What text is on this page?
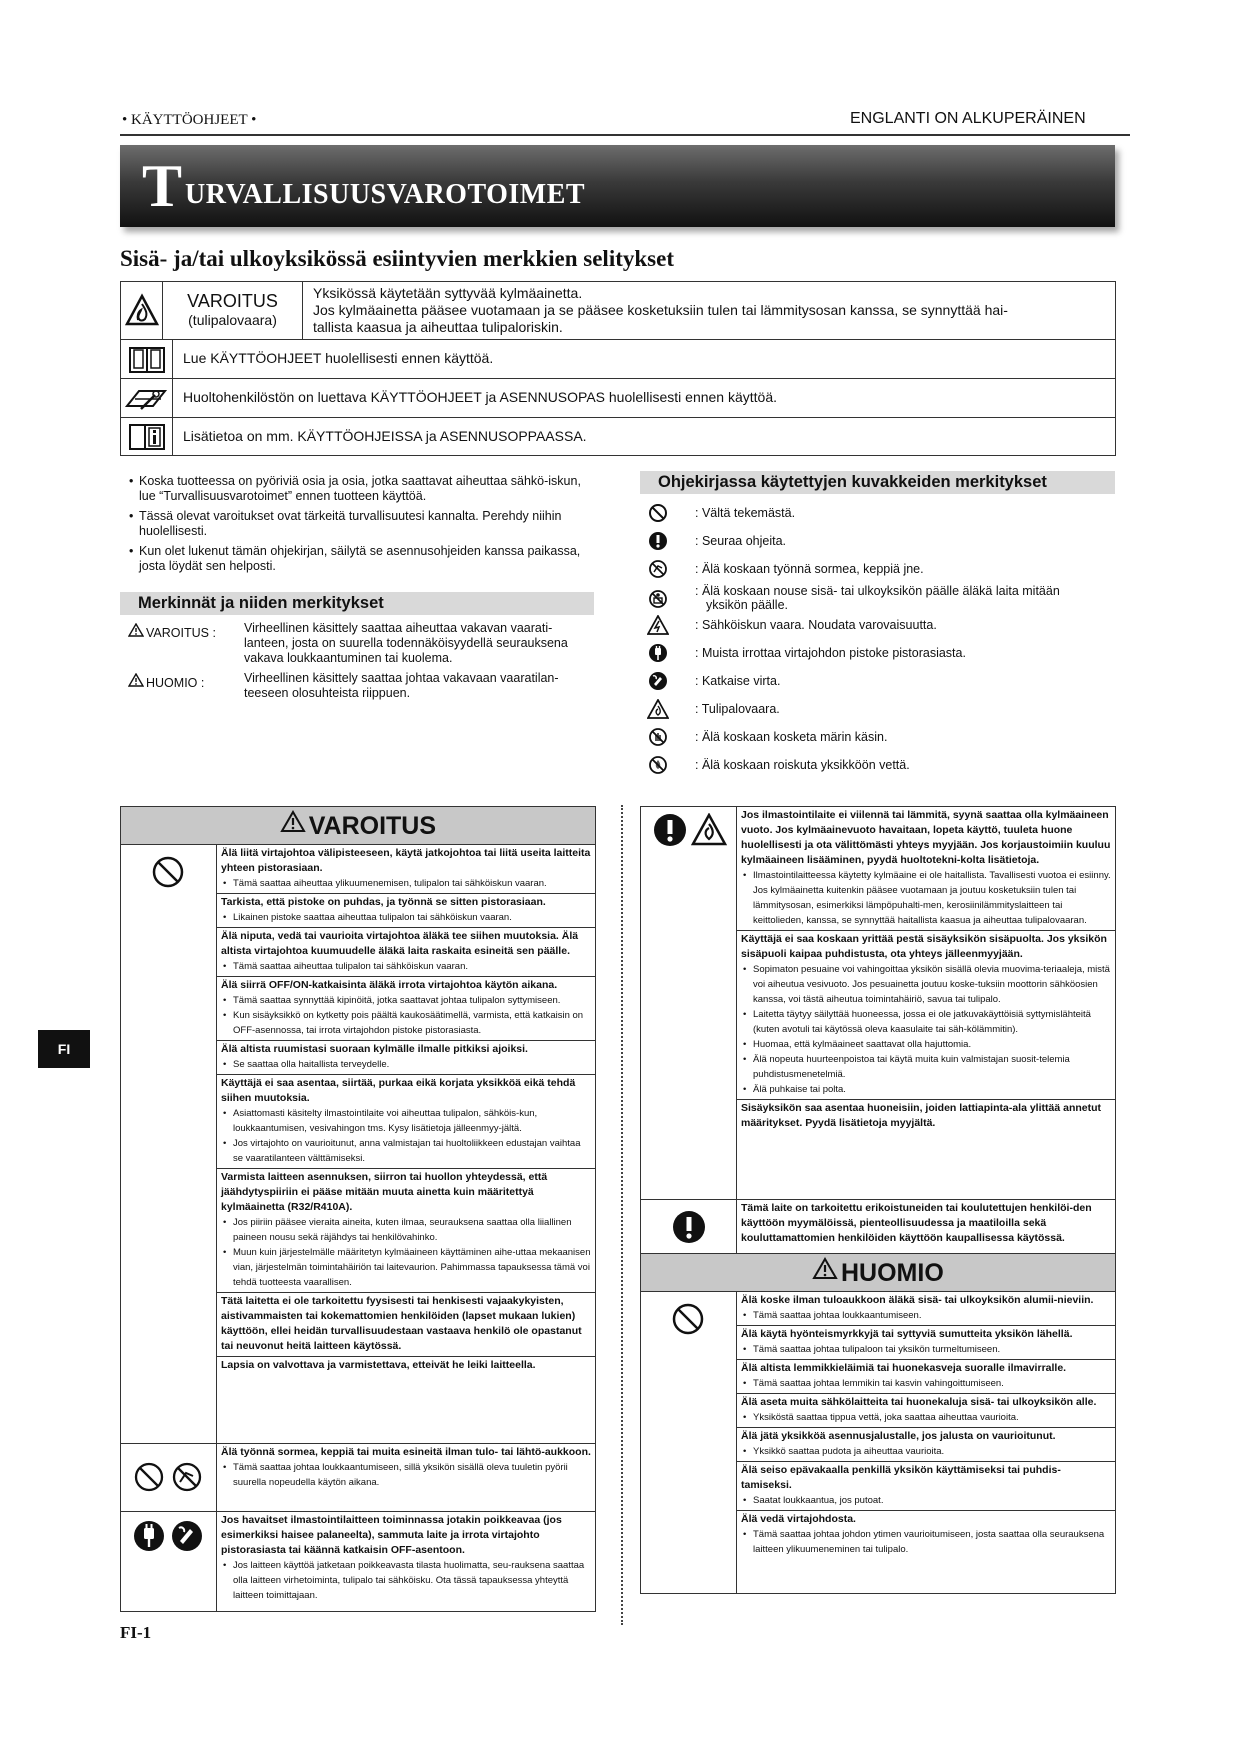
• KÄYTTÖOHJEET •	ENGLANTI ON ALKUPERÄINEN
T URVALLISUUSVAROTOIMET
Sisä- ja/tai ulkoyksikössä esiintyvien merkkien selitykset
VAROITUS
(tulipalovaara)
Yksikössä käytetään syttyvää kylmäainetta.
Jos kylmäainetta pääsee vuotamaan ja se pääsee kosketuksiin tulen tai lämmitysosan kanssa, se synnyttää hai-
tallista kaasua ja aiheuttaa tulipaloriskin.
Lue KÄYTTÖOHJEET huolellisesti ennen käyttöä.
Huoltohenkilöstön on luettava KÄYTTÖOHJEET ja ASENNUSOPAS huolellisesti ennen käyttöä.
Lisätietoa on mm. KÄYTTÖOHJEISSA ja ASENNUSOPPAASSA.
• Koska tuotteessa on pyöriviä osia ja osia, jotka saattavat aiheuttaa sähkö-iskun, lue “Turvallisuusvarotoimet” ennen tuotteen käyttöä.
• Tässä olevat varoitukset ovat tärkeitä turvallisuutesi kannalta. Perehdy niihin huolellisesti.
• Kun olet lukenut tämän ohjekirjan, säilytä se asennusohjeiden kanssa paikassa, josta löydät sen helposti.
Merkinnät ja niiden merkitykset
VAROITUS : Virheellinen käsittely saattaa aiheuttaa vakavan vaarati-lanteen, josta on suurella todennäköisyydellä seurauksena vakava loukkaantuminen tai kuolema.
HUOMIO :	Virheellinen käsittely saattaa johtaa vakavaan vaaratilan-teeseen olosuhteista riippuen.
Ohjekirjassa käytettyjen kuvakkeiden merkitykset
: Vältä tekemästä.
: Seuraa ohjeita.
: Älä koskaan työnnä sormea, keppiä jne.
: Älä koskaan nouse sisä- tai ulkoyksikön päälle äläkä laita mitään
yksikön päälle.
: Sähköiskun vaara. Noudata varovaisuutta.
: Muista irrottaa virtajohdon pistoke pistorasiasta.
: Katkaise virta.
: Tulipalovaara.
: Älä koskaan kosketa märin käsin.
: Älä koskaan roiskuta yksikköön vettä.
FI
VAROITUS
Älä liitä virtajohtoa välipisteeseen, käytä jatkojohtoa tai liitä useita laitteita yhteen pistorasiaan.
• Tämä saattaa aiheuttaa ylikuumenemisen, tulipalon tai sähköiskun vaaran.
Tarkista, että pistoke on puhdas, ja työnnä se sitten pistorasiaan.
• Likainen pistoke saattaa aiheuttaa tulipalon tai sähköiskun vaaran.
Älä niputa, vedä tai vaurioita virtajohtoa äläkä tee siihen muutoksia. Älä altista virtajohtoa kuumuudelle äläkä laita raskaita esineitä sen päälle.
• Tämä saattaa aiheuttaa tulipalon tai sähköiskun vaaran.
Älä siirrä OFF/ON-katkaisinta äläkä irrota virtajohtoa käytön aikana.
• Tämä saattaa synnyttää kipinöitä, jotka saattavat johtaa tulipalon syttymiseen.
• Kun sisäyksikkö on kytketty pois päältä kaukosäätimellä, varmista, että katkaisin on OFF-asennossa, tai irrota virtajohdon pistoke pistorasiasta.
Älä altista ruumistasi suoraan kylmälle ilmalle pitkiksi ajoiksi.
• Se saattaa olla haitallista terveydelle.
Käyttäjä ei saa asentaa, siirtää, purkaa eikä korjata yksikköä eikä tehdä siihen muutoksia.
• Asiattomasti käsitelty ilmastointilaite voi aiheuttaa tulipalon, sähköis-kun, loukkaantumisen, vesivahingon tms. Kysy lisätietoja jälleenmyy-jältä.
• Jos virtajohto on vaurioitunut, anna valmistajan tai huoltoliikkeen edustajan vaihtaa se vaaratilanteen välttämiseksi.
Varmista laitteen asennuksen, siirron tai huollon yhteydessä, että jäähdytyspiiriin ei pääse mitään muuta ainetta kuin määritettyä kylmäainetta (R32/R410A).
• Jos piiriin pääsee vieraita aineita, kuten ilmaa, seurauksena saattaa olla liiallinen paineen nousu sekä räjähdys tai henkilövahinko.
• Muun kuin järjestelmälle määritetyn kylmäaineen käyttäminen aihe-uttaa mekaanisen vian, järjestelmän toimintahäiriön tai laitevaurion. Pahimmassa tapauksessa tämä voi tehdä tuotteesta vaarallisen.
Tätä laitetta ei ole tarkoitettu fyysisesti tai henkisesti vajaakykyisten, aistivammaisten tai kokemattomien henkilöiden (lapset mukaan lukien) käyttöön, ellei heidän turvallisuudestaan vastaava henkilö ole opastanut tai neuvonut heitä laitteen käytössä.
Lapsia on valvottava ja varmistettava, etteivät he leiki laitteella.
Älä työnnä sormea, keppiä tai muita esineitä ilman tulo- tai lähtö-aukkoon.
• Tämä saattaa johtaa loukkaantumiseen, sillä yksikön sisällä oleva tuuletin pyörii suurella nopeudella käytön aikana.
Jos havaitset ilmastointilaitteen toiminnassa jotakin poikkeavaa (jos esimerkiksi haisee palaneelta), sammuta laite ja irrota virtajohto pistorasiasta tai käännä katkaisin OFF-asentoon.
• Jos laitteen käyttöä jatketaan poikkeavasta tilasta huolimatta, seu-rauksena saattaa olla laitteen virhetoiminta, tulipalo tai sähköisku. Ota tässä tapauksessa yhteyttä laitteen toimittajaan.
Jos ilmastointilaite ei viilennä tai lämmitä, syynä saattaa olla kylmäaineen vuoto. Jos kylmäainevuoto havaitaan, lopeta käyttö, tuuleta huone huolellisesti ja ota välittömästi yhteys myyjään. Jos korjaustoimiin kuuluu kylmäaineen lisääminen, pyydä huoltotekni-kolta lisätietoja.
• Ilmastointilaitteessa käytetty kylmäaine ei ole haitallista. Tavallisesti vuotoa ei esiinny. Jos kylmäainetta kuitenkin pääsee vuotamaan ja joutuu kosketuksiin tulen tai lämmitysosan, esimerkiksi lämpöpuhalti-men, kerosiinilämmityslaitteen tai keittolieden, kanssa, se synnyttää haitallista kaasua ja aiheuttaa tulipalovaaran.
Käyttäjä ei saa koskaan yrittää pestä sisäyksikön sisäpuolta. Jos yksikön sisäpuoli kaipaa puhdistusta, ota yhteys jälleenmyyjään.
• Sopimaton pesuaine voi vahingoittaa yksikön sisällä olevia muovima-teriaaleja, mistä voi aiheutua vesivuoto. Jos pesuainetta joutuu koske-tuksiin moottorin sähköosien kanssa, voi tästä aiheutua toimintahäiriö, savua tai tulipalo.
• Laitetta täytyy säilyttää huoneessa, jossa ei ole jatkuvakäyttöisiä syttymislähteitä (kuten avotuli tai käytössä oleva kaasulaite tai säh-kölämmitin).
• Huomaa, että kylmäaineet saattavat olla hajuttomia.
• Älä nopeuta huurteenpoistoa tai käytä muita kuin valmistajan suosit-telemia puhdistusmenetelmiä.
• Älä puhkaise tai polta.
Sisäyksikön saa asentaa huoneisiin, joiden lattiapinta-ala ylittää annetut määritykset. Pyydä lisätietoja myyjältä.
Tämä laite on tarkoitettu erikoistuneiden tai koulutettujen henkilöi-den käyttöön myymälöissä, pienteollisuudessa ja maatiloilla sekä kouluttamattomien henkilöiden käyttöön kaupallisessa käytössä.
HUOMIO
Älä koske ilman tuloaukkoon äläkä sisä- tai ulkoyksikön alumii-nieviin.
• Tämä saattaa johtaa loukkaantumiseen.
Älä käytä hyönteismyrkkyjä tai syttyviä sumutteita yksikön lähellä.
• Tämä saattaa johtaa tulipaloon tai yksikön turmeltumiseen.
Älä altista lemmikkieläimiä tai huonekasveja suoralle ilmavirralle.
• Tämä saattaa johtaa lemmikin tai kasvin vahingoittumiseen.
Älä aseta muita sähkölaitteita tai huonekaluja sisä- tai ulkoyksikön alle.
• Yksiköstä saattaa tippua vettä, joka saattaa aiheuttaa vaurioita.
Älä jätä yksikköä asennusjalustalle, jos jalusta on vaurioitunut.
• Yksikkö saattaa pudota ja aiheuttaa vaurioita.
Älä seiso epävakaalla penkillä yksikön käyttämiseksi tai puhdis-tamiseksi.
• Saatat loukkaantua, jos putoat.
Älä vedä virtajohdosta.
• Tämä saattaa johtaa johdon ytimen vaurioitumiseen, josta saattaa olla seurauksena laitteen ylikuumeneminen tai tulipalo.
FI-1
